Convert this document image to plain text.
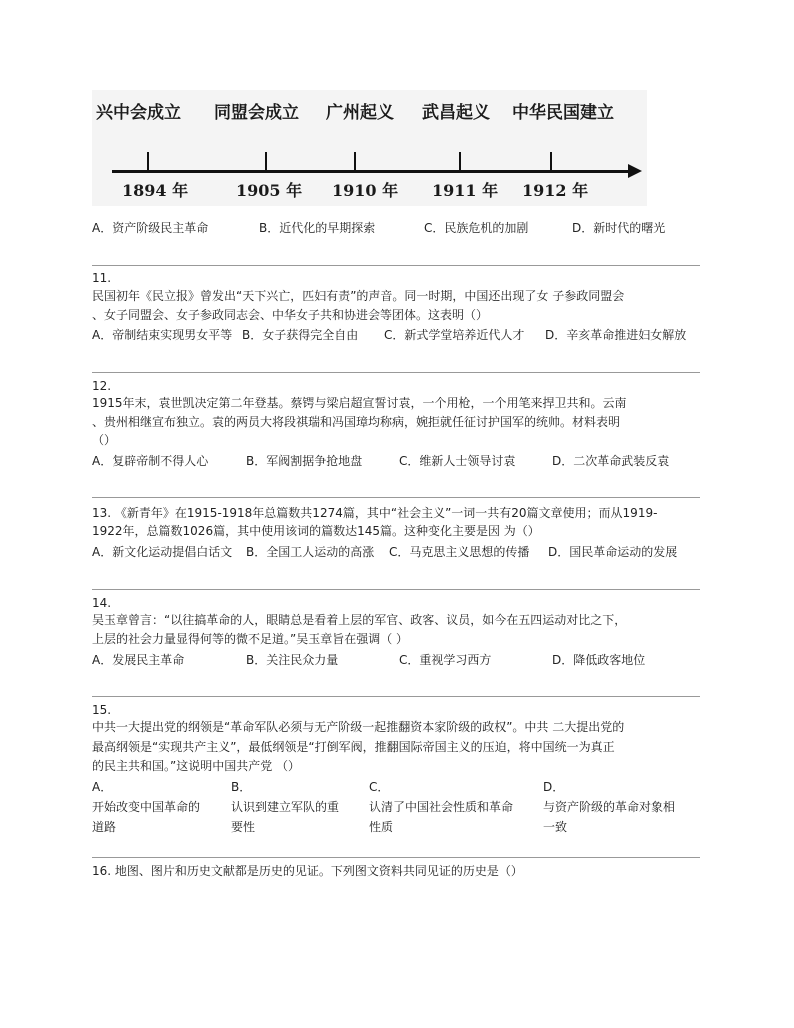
兴中会成立 同盟会成立 广州起义 武昌起义 中华民国建立
1894 年	1905 年 1910 年 1911 年 1912 年
A．资产阶级民主革命	B．近代化的早期探索	C．民族危机的加剧	D．新时代的曙光
11.
民国初年《民立报》曾发出“天下兴亡，匹妇有责”的声音。同一时期，中国还出现了女 子参政同盟会
、女子同盟会、女子参政同志会、中华女子共和协进会等团体。这表明（）
A．帝制结束实现男女平等 B．女子获得完全自由 C．新式学堂培养近代人才 D．辛亥革命推进妇女解放
12.
1915年末，袁世凯决定第二年登基。蔡锷与梁启超宣誓讨袁，一个用枪，一个用笔来捍卫共和。云南
、贵州相继宣布独立。袁的两员大将段祺瑞和冯国璋均称病，婉拒就任征讨护国军的统帅。材料表明
（）
A．复辟帝制不得人心	B．军阀割据争抢地盘	C．维新人士领导讨袁	D．二次革命武装反袁
13. 《新青年》在1915-1918年总篇数共1274篇，其中“社会主义”一词一共有20篇文章使用；而从1919-
1922年，总篇数1026篇，其中使用该词的篇数达145篇。这种变化主要是因 为（）
A．新文化运动提倡白话文 B．全国工人运动的高涨 C．马克思主义思想的传播 D．国民革命运动的发展
14.
吴玉章曾言：“以往搞革命的人，眼睛总是看着上层的军官、政客、议员，如今在五四运动对比之下，
上层的社会力量显得何等的微不足道。”吴玉章旨在强调（ ）
A．发展民主革命	B．关注民众力量	C．重视学习西方	D．降低政客地位
15.
中共一大提出党的纲领是“革命军队必须与无产阶级一起推翻资本家阶级的政权”。中共 二大提出党的
最高纲领是“实现共产主义”，最低纲领是“打倒军阀，推翻国际帝国主义的压迫，将中国统一为真正
的民主共和国。”这说明中国共产党 （）
A．
开始改变中国革命的
道路
B．
认识到建立军队的重
要性
C．
认清了中国社会性质和革命
性质
D．
与资产阶级的革命对象相
一致
16. 地图、图片和历史文献都是历史的见证。下列图文资料共同见证的历史是（）
